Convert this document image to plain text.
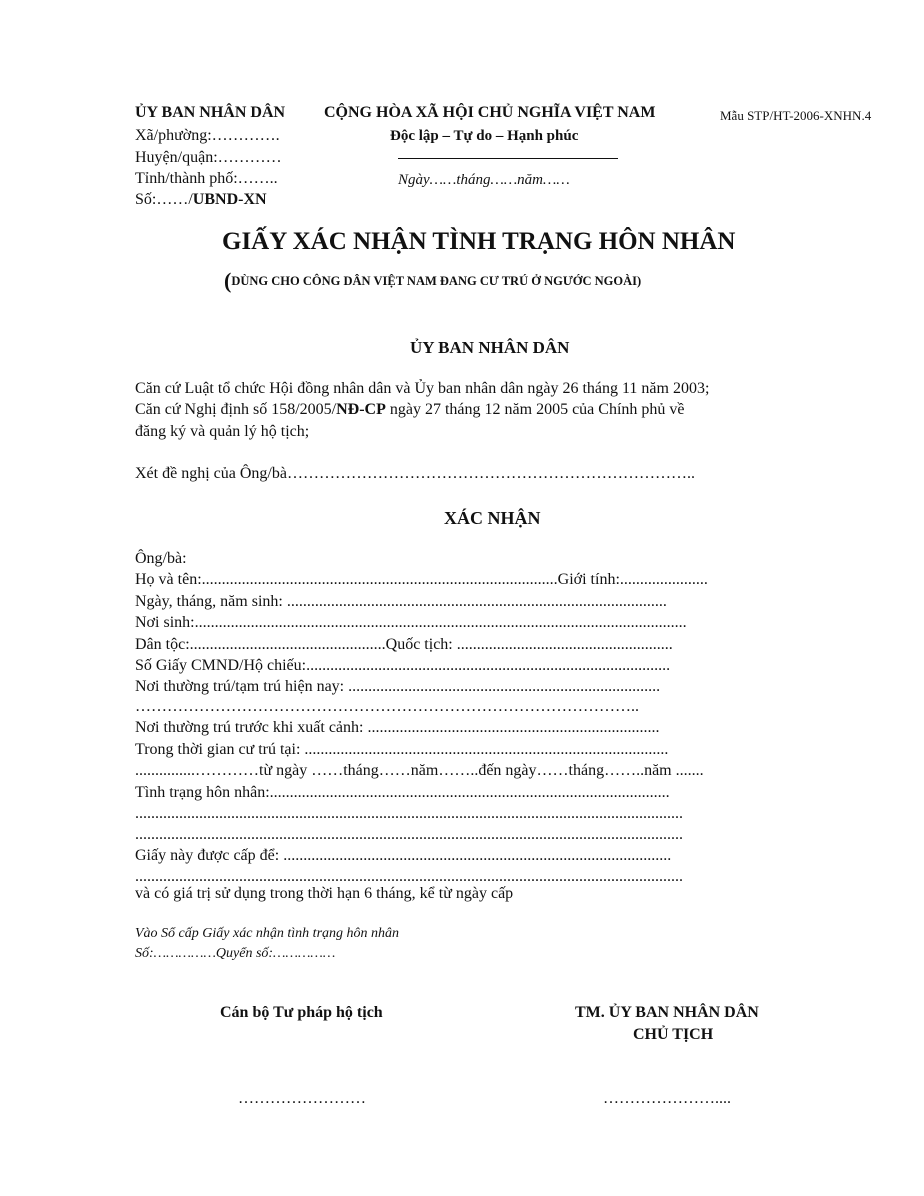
ỦY BAN NHÂN DÂN
Xã/phường:………….
Huyện/quận:…………
Tỉnh/thành phố:……..
Số:……/UBND-XN
CỘNG HÒA XÃ HỘI CHỦ NGHĨA VIỆT NAM
Độc lập – Tự do – Hạnh phúc
Ngày……tháng……năm……
Mẫu STP/HT-2006-XNHN.4
GIẤY XÁC NHẬN TÌNH TRẠNG HÔN NHÂN
(DÙNG CHO CÔNG DÂN VIỆT NAM ĐANG CƯ TRÚ Ở NGƯỚC NGOÀI)
ỦY BAN NHÂN DÂN
Căn cứ Luật tổ chức Hội đồng nhân dân và Ủy ban nhân dân ngày 26 tháng 11 năm 2003;
Căn cứ Nghị định số 158/2005/NĐ-CP ngày 27 tháng 12 năm 2005 của Chính phủ về
đăng ký và quản lý hộ tịch;
Xét đề nghị của Ông/bà…………………………………………………………………..
XÁC NHẬN
Ông/bà:
Họ và tên:.........................................................................................Giới tính:......................
Ngày, tháng, năm sinh: ...............................................................................................
Nơi sinh:...........................................................................................................................
Dân tộc:.................................................Quốc tịch: ......................................................
Số Giấy CMND/Hộ chiếu:...........................................................................................
Nơi thường trú/tạm trú hiện nay: ..............................................................................
…………………………………………………………………………………..
Nơi thường trú trước khi xuất cảnh: .........................................................................
Trong thời gian cư trú tại: ...........................................................................................
...............…………từ ngày ……tháng……năm……..đến ngày……tháng……..năm .......
Tình trạng hôn nhân:....................................................................................................
.........................................................................................................................................
.........................................................................................................................................
Giấy này được cấp để: .................................................................................................
.........................................................................................................................................
và có giá trị sử dụng trong thời hạn 6 tháng, kể từ ngày cấp
Vào Sổ cấp Giấy xác nhận tình trạng hôn nhân
Số:……………Quyển số:……………
Cán bộ Tư pháp hộ tịch	TM. ỦY BAN NHÂN DÂN
CHỦ TỊCH
……………………	…………………....
